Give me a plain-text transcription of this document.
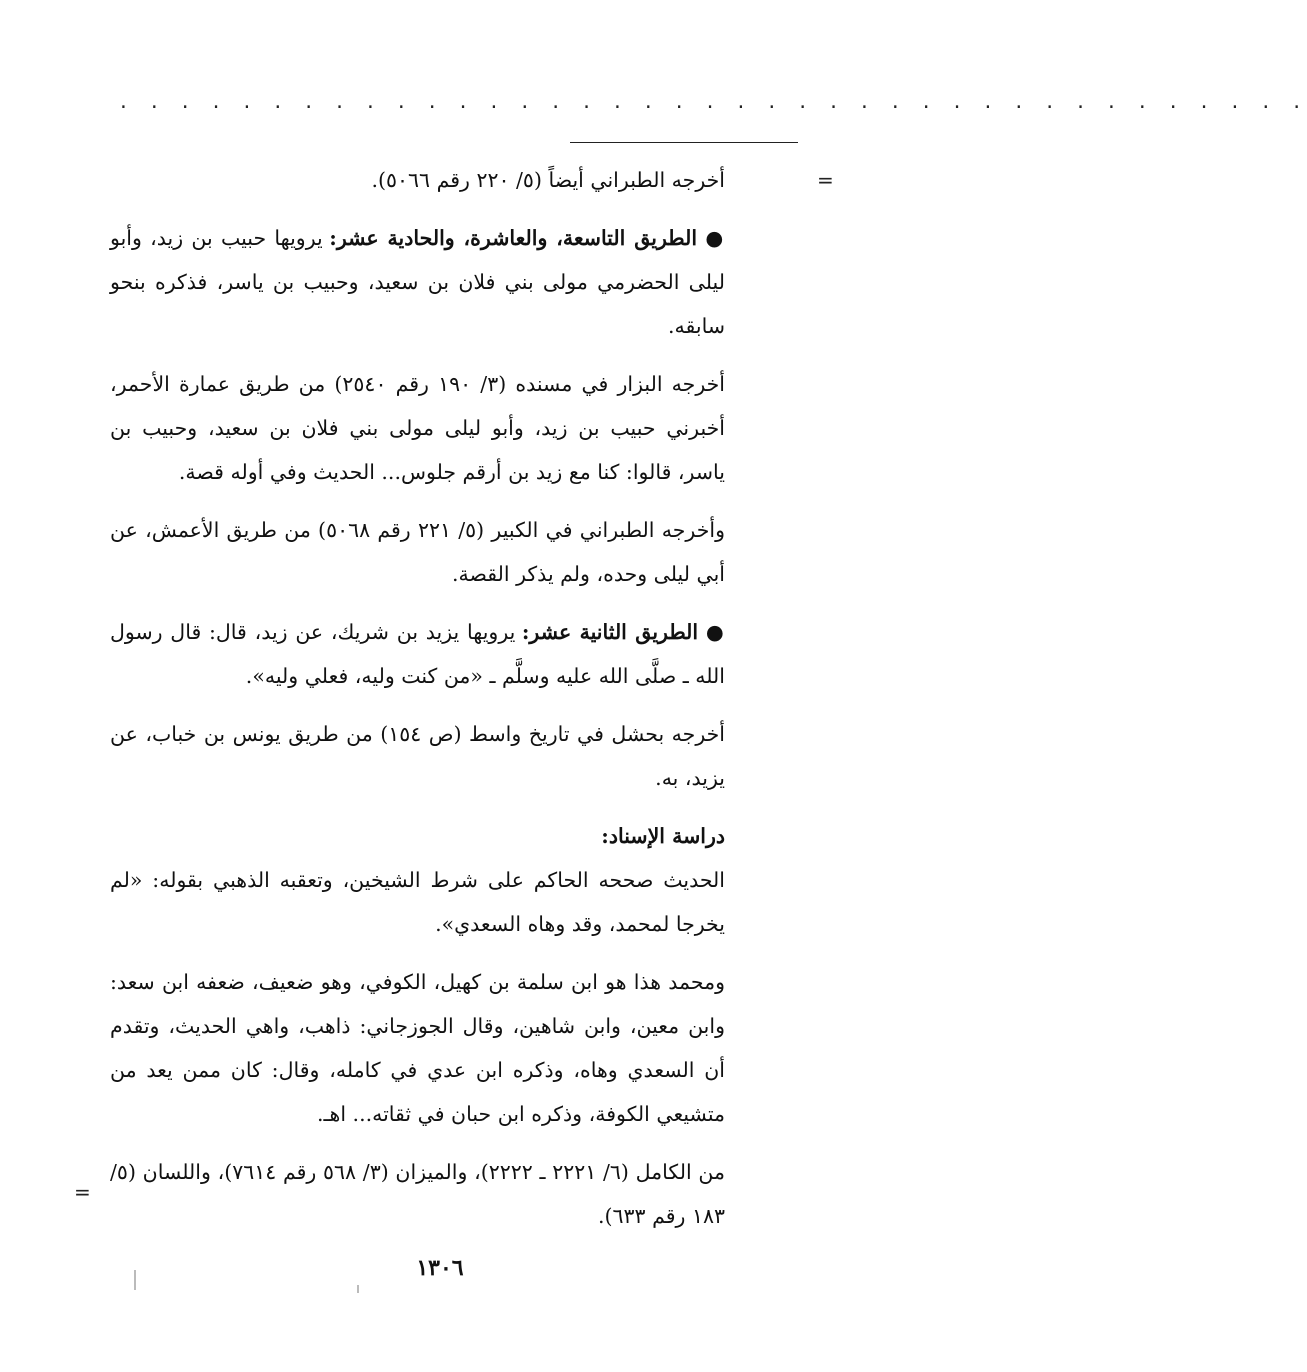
. . . . . . . . . . . . . . . . . . . . . . . . . . . . . . . . . . . . . . .
=
=

أخرجه الطبراني أيضاً (٥/ ٢٢٠ رقم ٥٠٦٦).

● الطريق التاسعة، والعاشرة، والحادية عشر: يرويها حبيب بن زيد، وأبو ليلى الحضرمي مولى بني فلان بن سعيد، وحبيب بن ياسر، فذكره بنحو سابقه.

أخرجه البزار في مسنده (٣/ ١٩٠ رقم ٢٥٤٠) من طريق عمارة الأحمر، أخبرني حبيب بن زيد، وأبو ليلى مولى بني فلان بن سعيد، وحبيب بن ياسر، قالوا: كنا مع زيد بن أرقم جلوس... الحديث وفي أوله قصة.

وأخرجه الطبراني في الكبير (٥/ ٢٢١ رقم ٥٠٦٨) من طريق الأعمش، عن أبي ليلى وحده، ولم يذكر القصة.

● الطريق الثانية عشر: يرويها يزيد بن شريك، عن زيد، قال: قال رسول الله ـ صلَّى الله عليه وسلَّم ـ «من كنت وليه، فعلي وليه».

أخرجه بحشل في تاريخ واسط (ص ١٥٤) من طريق يونس بن خباب، عن يزيد، به.

دراسة الإسناد:

الحديث صححه الحاكم على شرط الشيخين، وتعقبه الذهبي بقوله: «لم يخرجا لمحمد، وقد وهاه السعدي».

ومحمد هذا هو ابن سلمة بن كهيل، الكوفي، وهو ضعيف، ضعفه ابن سعد: وابن معين، وابن شاهين، وقال الجوزجاني: ذاهب، واهي الحديث، وتقدم أن السعدي وهاه، وذكره ابن عدي في كامله، وقال: كان ممن يعد من متشيعي الكوفة، وذكره ابن حبان في ثقاته... اهـ.

من الكامل (٦/ ٢٢٢١ ـ ٢٢٢٢)، والميزان (٣/ ٥٦٨ رقم ٧٦١٤)، واللسان (٥/ ١٨٣ رقم ٦٣٣).

١٣٠٦
